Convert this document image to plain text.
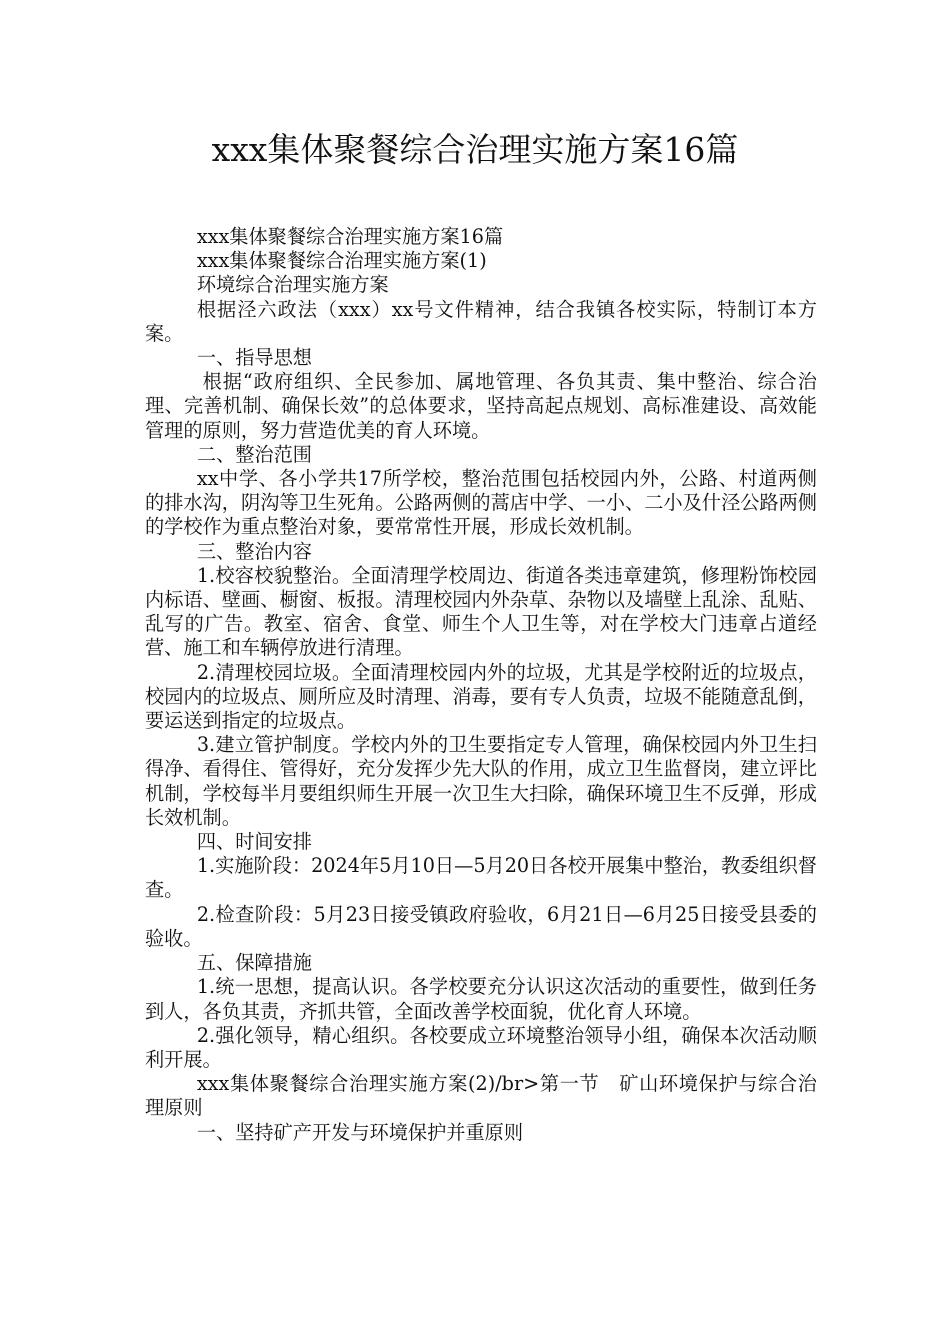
xxx集体聚餐综合治理实施方案16篇

xxx集体聚餐综合治理实施方案16篇

xxx集体聚餐综合治理实施方案(1)

环境综合治理实施方案

根据泾六政法（xxx）xx号文件精神，结合我镇各校实际，特制订本方案。

一、指导思想

根据“政府组织、全民参加、属地管理、各负其责、集中整治、综合治理、完善机制、确保长效”的总体要求，坚持高起点规划、高标准建设、高效能管理的原则，努力营造优美的育人环境。

二、整治范围

xx中学、各小学共17所学校，整治范围包括校园内外，公路、村道两侧的排水沟，阴沟等卫生死角。公路两侧的蒿店中学、一小、二小及什泾公路两侧的学校作为重点整治对象，要常常性开展，形成长效机制。

三、整治内容

1.校容校貌整治。全面清理学校周边、街道各类违章建筑，修理粉饰校园内标语、壁画、橱窗、板报。清理校园内外杂草、杂物以及墙壁上乱涂、乱贴、乱写的广告。教室、宿舍、食堂、师生个人卫生等，对在学校大门违章占道经营、施工和车辆停放进行清理。

2.清理校园垃圾。全面清理校园内外的垃圾，尤其是学校附近的垃圾点，校园内的垃圾点、厕所应及时清理、消毒，要有专人负责，垃圾不能随意乱倒，要运送到指定的垃圾点。

3.建立管护制度。学校内外的卫生要指定专人管理，确保校园内外卫生扫得净、看得住、管得好，充分发挥少先大队的作用，成立卫生监督岗，建立评比机制，学校每半月要组织师生开展一次卫生大扫除，确保环境卫生不反弹，形成长效机制。

四、时间安排

1.实施阶段：2024年5月10日—5月20日各校开展集中整治，教委组织督查。

2.检查阶段：5月23日接受镇政府验收，6月21日—6月25日接受县委的验收。

五、保障措施

1.统一思想，提高认识。各学校要充分认识这次活动的重要性，做到任务到人，各负其责，齐抓共管，全面改善学校面貌，优化育人环境。

2.强化领导，精心组织。各校要成立环境整治领导小组，确保本次活动顺利开展。

xxx集体聚餐综合治理实施方案(2)/br>第一节　矿山环境保护与综合治理原则

一、坚持矿产开发与环境保护并重原则
